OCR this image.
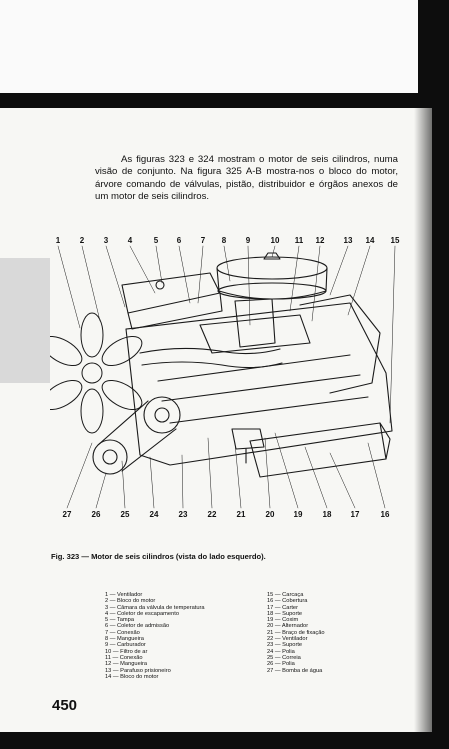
As figuras 323 e 324 mostram o motor de seis cilindros, numa visão de conjunto. Na figura 325 A-B mostra-nos o bloco do motor, árvore comando de válvulas, pistão, distribuidor e órgãos anexos de um motor de seis cilindros.

1	2	3	4	5	6	7	8	9	10	11	12	13	14	15
27	26	25	24	23	22	21	20	19	18	17	16
Fig. 323 — Motor de seis cilindros (vista do lado esquerdo).
1 — Ventilador
2 — Bloco do motor
3 — Câmara da válvula de temperatura
4 — Coletor de escapamento
5 — Tampa
6 — Coletor de admissão
7 — Conexão
8 — Mangueira
9 — Carburador
10 — Filtro de ar
11 — Conexão
12 — Mangueira
13 — Parafuso prisioneiro
14 — Bloco do motor
15 — Carcaça
16 — Cobertura
17 — Carter
18 — Suporte
19 — Coxim
20 — Alternador
21 — Braço de fixação
22 — Ventilador
23 — Suporte
24 — Polia
25 — Correia
26 — Polia
27 — Bomba de água
450
